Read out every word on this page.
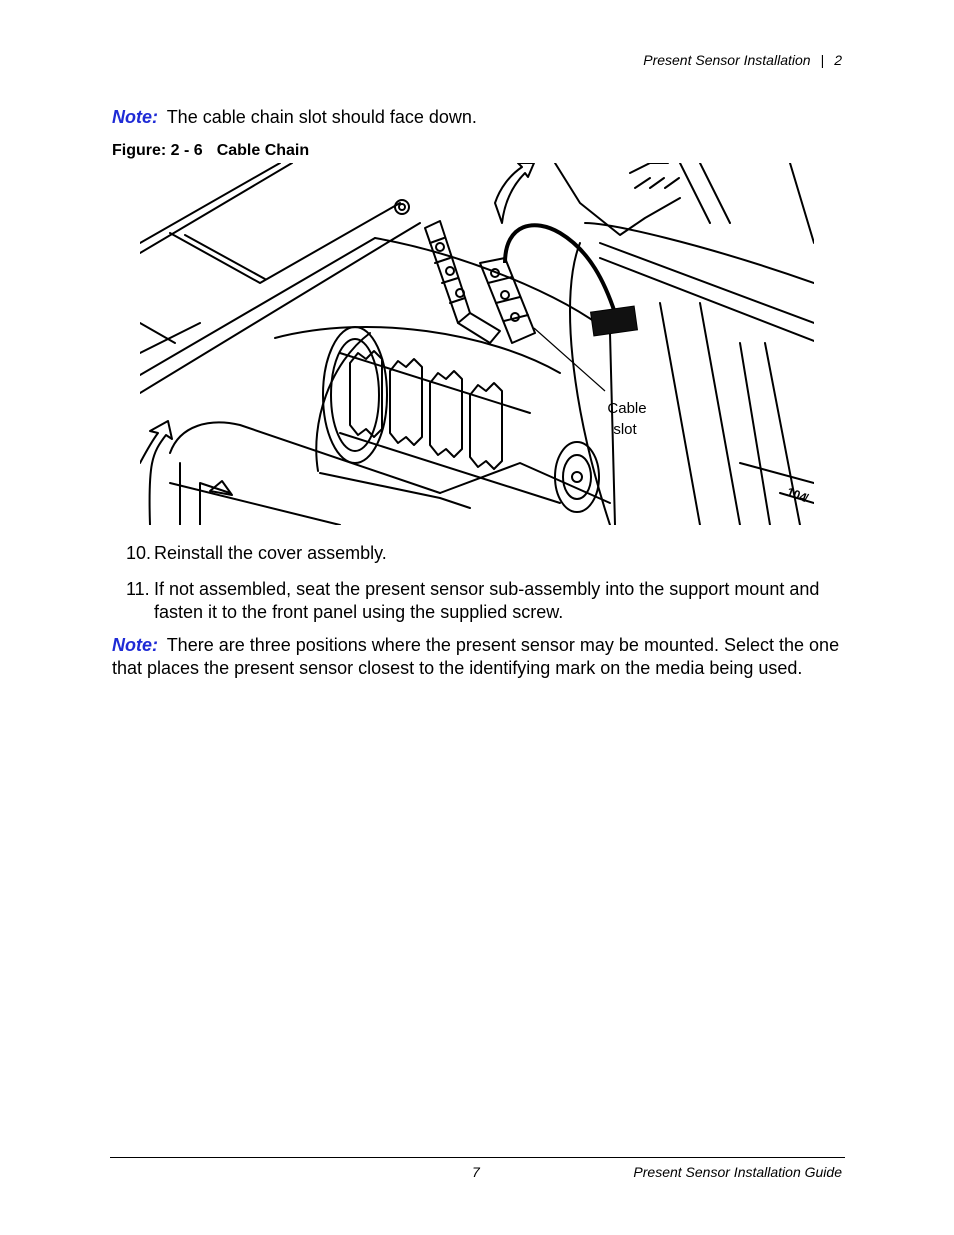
Present Sensor Installation | 2
Note: The cable chain slot should face down.
Figure: 2 - 6 Cable Chain
Cable
slot
104̸
10. Reinstall the cover assembly.
11. If not assembled, seat the present sensor sub-assembly into the support mount and fasten it to the front panel using the supplied screw.
Note: There are three positions where the present sensor may be mounted. Select the one that places the present sensor closest to the identifying mark on the media being used.
7	Present Sensor Installation Guide
